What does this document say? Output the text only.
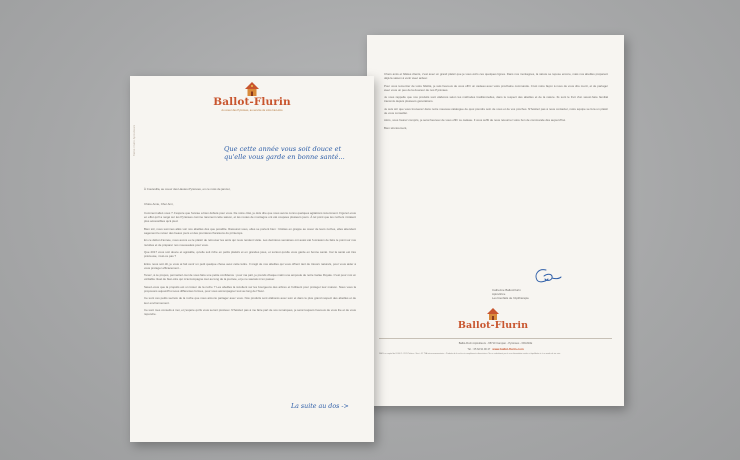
Chers amis et fidèles clients, c'est avec un grand plaisir que je vous écris ces quelques lignes. Dans nos montagnes, la nature se repose encore, mais nos abeilles préparent déjà la saison à venir avec ardeur.

Pour vous remercier de votre fidélité, je suis heureux de vous offrir un cadeau avec votre prochaine commande. C'est notre façon à nous de vous dire merci, et de partager avec vous un peu de la douceur de nos Pyrénées.

Je vous rappelle que nos produits sont élaborés selon les méthodes traditionnelles, dans le respect des abeilles et de la nature. Ils sont le fruit d'un savoir-faire familial transmis depuis plusieurs générations.

Je suis sûr que vous trouverez dans notre nouveau catalogue de quoi prendre soin de vous et de vos proches. N'hésitez pas à nous contacter, notre équipe se fera un plaisir de vous conseiller.

Alors, vous l'aurez compris, je serai heureux de vous offrir ce cadeau. Il vous suffit de nous retourner votre bon de commande dès aujourd'hui.

Bien sincèrement,

Catherine Ballot-Flurin
Apicultrice
Les bienfaits de l'Apithérapie
Ballot-Flurin
Ballot-Flurin Apiculteurs - 65710 Campan - Pyrénées - FRANCE
Tél. : 05 62 91 90 47 www.ballot-flurin.com
SARL au capital de 8 000 € - RCS Tarbes - Siret - N° TVA intracommunautaire - Produits de la ruche et compléments alimentaires. Ne se substituent pas à une alimentation variée et équilibrée et à un mode de vie sain.
Ballot-Flurin Apiculteurs
Ballot-Flurin
Au coeur des Pyrénées, au service de votre bien-être
Que cette année vous soit douce et qu'elle vous garde en bonne santé...
À Coutevilla, au coeur des Hautes-Pyrénées, en ce mois de janvier,
Chère Amie, Cher Ami,

Comment allez-vous ? J'espère que l'année a bien débuté pour vous. De notre côté, je dois dire que nous avons connu quelques agitations récemment. Figurez-vous en effet qu'il a neigé sur les Pyrénées comme rarement cette saison, et les routes de montagne ont été coupées plusieurs jours. À tel point que les ruchers n'étaient plus accessibles qu'à pied.

Bien sûr, nous sommes allés voir nos abeilles dès que possible. Rassurez-vous, elles se portent bien : blotties en grappe au coeur de leurs ruches, elles attendent sagement le retour des beaux jours et des premières floraisons du printemps.

En ce début d'année, nous avons eu le plaisir de retrouver les amis qui nous rendent visite. Les dernières semaines ont aussi été l'occasion de faire le point sur nos récoltes et de préparer nos nouveautés pour vous.

Que 2017 vous soit douce et agréable, qu'elle soit riche en petits plaisirs et en grandes joies, et surtout qu'elle vous garde en bonne santé. Car la santé est très précieuse, n'est-ce pas ?

Entre nous soit dit, je vous ai fait venir un petit quelque chose avec cette lettre. Il s'agit de nos abeilles qui vous offrent tant de trésors naturels, pour vous aider à vous protéger efficacement...

Tenez, à ce propos, permettez-moi de vous faire une petite confidence : pour ma part, je prends chaque matin une ampoule de notre Gelée Royale. C'est pour moi un véritable rituel de bien-être qui m'accompagne tout au long de la journée, et je ne saurais m'en passer.

Savez-vous que la propolis est un trésor de la ruche ? Les abeilles la récoltent sur les bourgeons des arbres et l'utilisent pour protéger leur maison. Nous vous la proposons aujourd'hui sous différentes formes, pour vous accompagner tout au long de l'hiver.

Ce sont ces petits secrets de la ruche que nous aimons partager avec vous. Nos produits sont élaborés avec soin et dans le plus grand respect des abeilles et de leur environnement.

Ce sont mes conseils à moi, et j'espère qu'ils vous seront précieux. N'hésitez pas à me faire part de vos remarques, je serai toujours heureux de vous lire et de vous répondre.

La suite au dos ->
